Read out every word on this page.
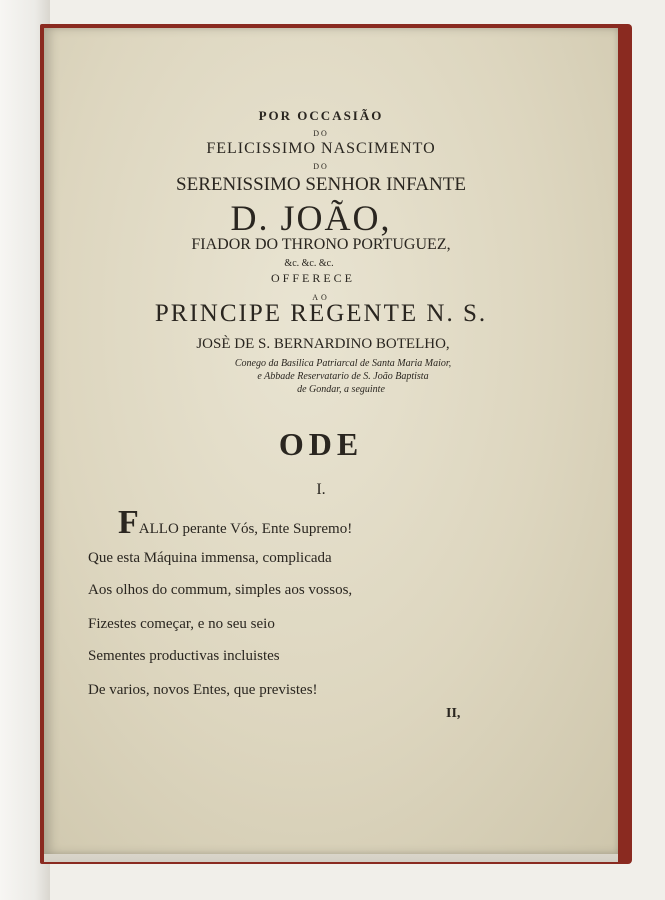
POR OCCASIÃO
DO
FELICISSIMO NASCIMENTO
DO
SERENISSIMO SENHOR INFANTE
D. JOÃO,
FIADOR DO THRONO PORTUGUEZ,
&c. &c. &c.
OFFERECE
AO
PRINCIPE REGENTE N. S.
JOSÈ DE S. BERNARDINO BOTELHO,
Conego da Basilica Patriarcal de Santa Maria Maior,
e Abbade Reservatario de S. João Baptista
de Gondar, a seguinte
ODE
I.
FALLO perante Vós, Ente Supremo!
Que esta Máquina immensa, complicada
Aos olhos do commum, simples aos vossos,
Fizestes começar, e no seu seio
Sementes productivas incluistes
De varios, novos Entes, que previstes!
II,
